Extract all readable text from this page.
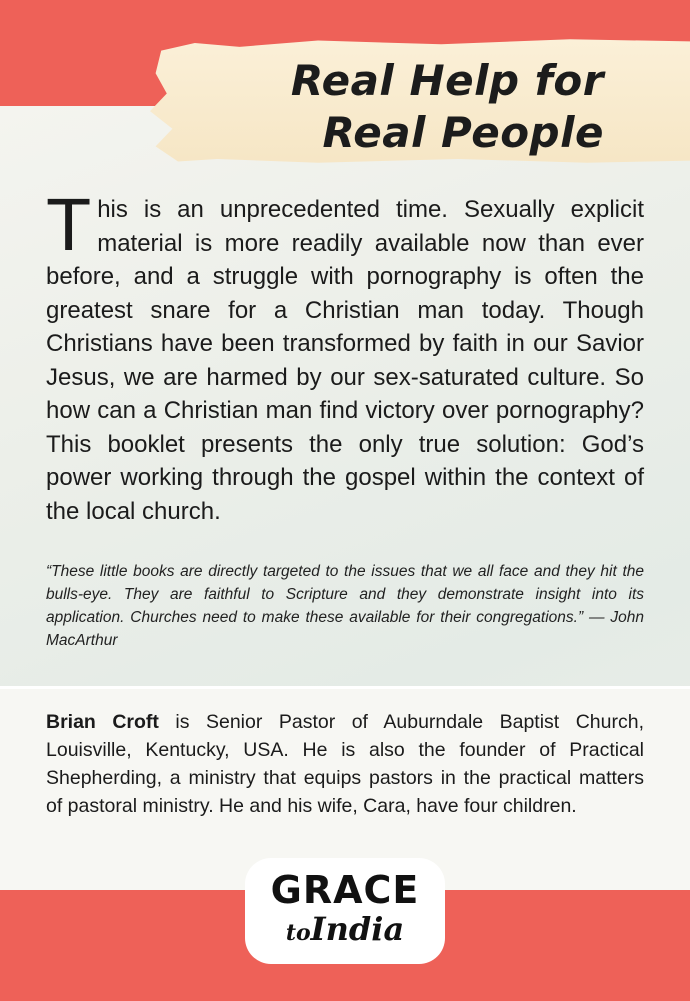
Real Help for
Real People

This is an unprecedented time. Sexually explicit material is more readily available now than ever before, and a struggle with pornography is often the greatest snare for a Christian man today. Though Christians have been transformed by faith in our Savior Jesus, we are harmed by our sex-saturated culture. So how can a Christian man find victory over pornography? This booklet presents the only true solution: God’s power working through the gospel within the context of the local church.

“These little books are directly targeted to the issues that we all face and they hit the bulls-eye. They are faithful to Scripture and they demonstrate insight into its application. Churches need to make these available for their congregations.” — John MacArthur

Brian Croft is Senior Pastor of Auburndale Baptist Church, Louisville, Kentucky, USA. He is also the founder of Practical Shepherding, a ministry that equips pastors in the practical matters of pastoral ministry. He and his wife, Cara, have four children.

GRACE
toIndia
